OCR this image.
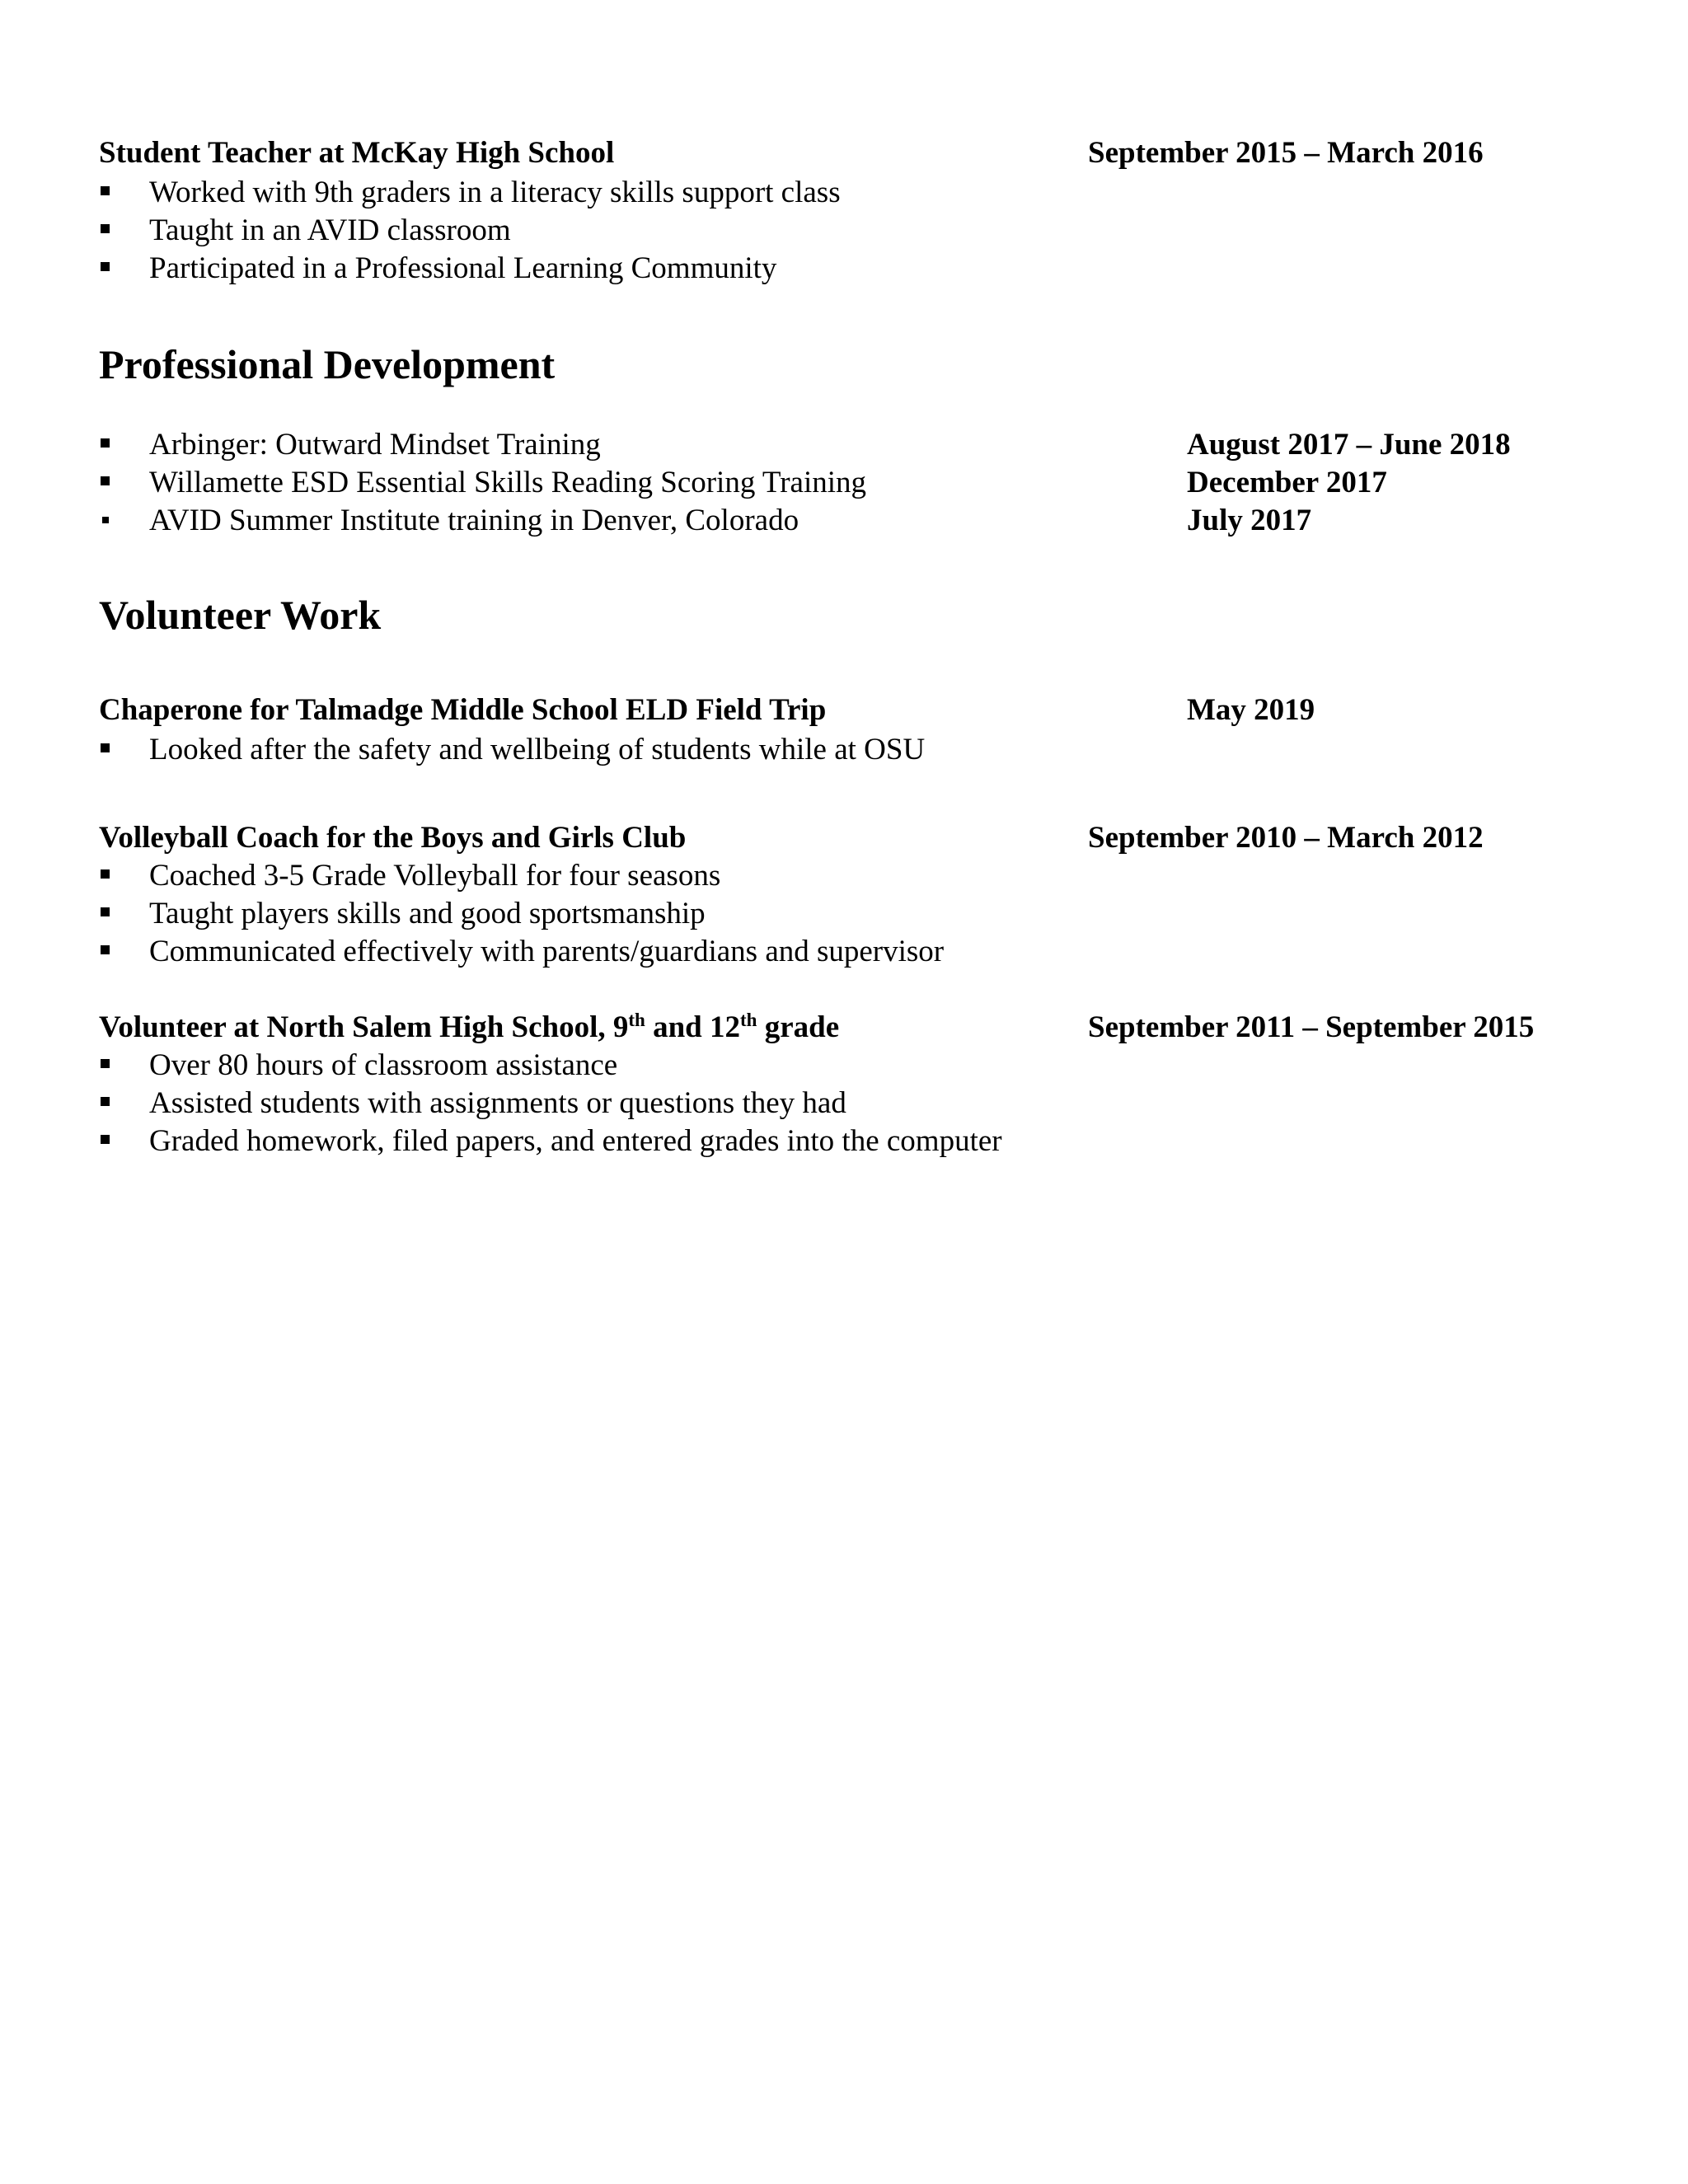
Student Teacher at McKay High School	September 2015 – March 2016
Worked with 9th graders in a literacy skills support class
Taught in an AVID classroom
Participated in a Professional Learning Community
Professional Development
Arbinger: Outward Mindset Training	August 2017 – June 2018
Willamette ESD Essential Skills Reading Scoring Training	December 2017
AVID Summer Institute training in Denver, Colorado	July 2017
Volunteer Work
Chaperone for Talmadge Middle School ELD Field Trip	May 2019
Looked after the safety and wellbeing of students while at OSU
Volleyball Coach for the Boys and Girls Club	September 2010 – March 2012
Coached 3-5 Grade Volleyball for four seasons
Taught players skills and good sportsmanship
Communicated effectively with parents/guardians and supervisor
Volunteer at North Salem High School, 9th and 12th grade	September 2011 – September 2015
Over 80 hours of classroom assistance
Assisted students with assignments or questions they had
Graded homework, filed papers, and entered grades into the computer
